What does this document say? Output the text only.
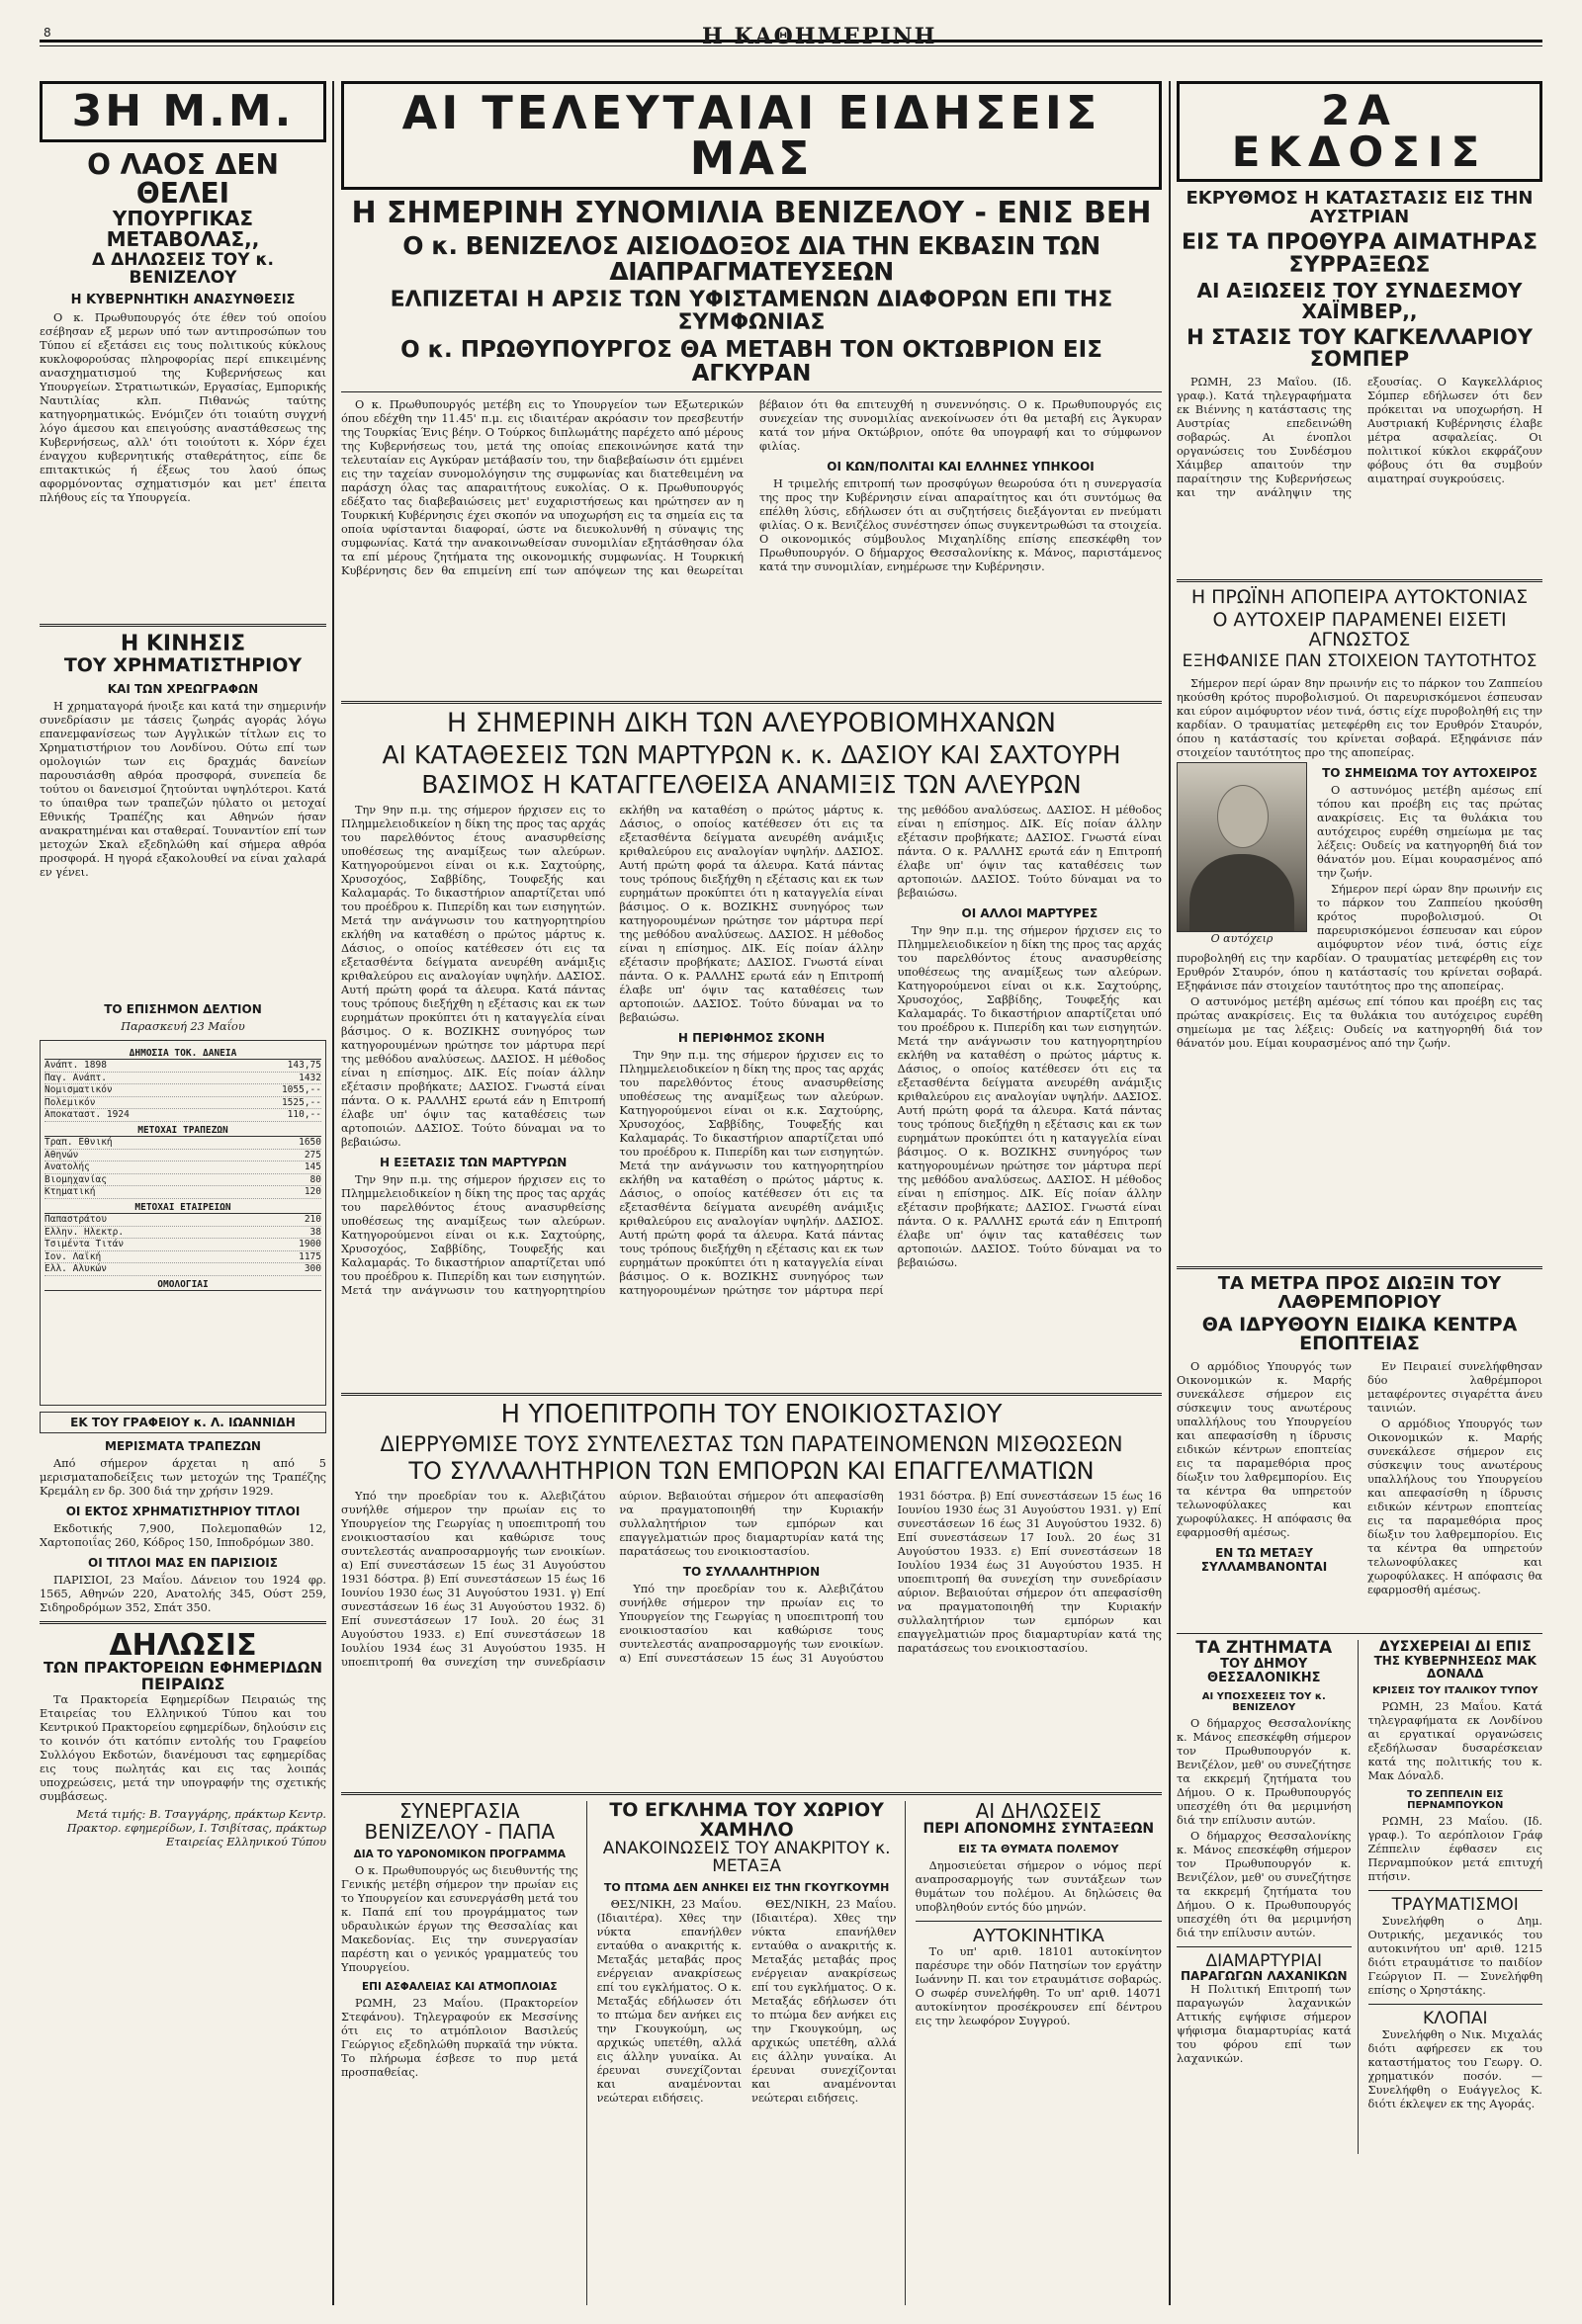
8	Η ΚΑΘΗΜΕΡΙΝΗ
3Η Μ.Μ.
Ο ΛΑΟΣ ΔΕΝ ΘΕΛΕΙ
ΥΠΟΥΡΓΙΚΑΣ ΜΕΤΑΒΟΛΑΣ,,
Δ ΔΗΛΩΣΕΙΣ ΤΟΥ κ. ΒΕΝΙΖΕΛΟΥ
Η ΚΥΒΕΡΝΗΤΙΚΗ ΑΝΑΣΥΝΘΕΣΙΣ

Ο κ. Πρωθυπουργός ότε έθεν τού οποίου εσέβησαν εξ μερων υπό των αντιπροσώπων του Τύπου εί εξετάσει εις τους πολιτικούς κύκλους κυκλοφορούσας πληροφορίας περί επικειμένης ανασχηματισμού της Κυβερνήσεως και Υπουργείων. Στρατιωτικών, Εργασίας, Εμπορικής Ναυτιλίας κλπ. Πιθανώς ταύτης κατηγορηματικώς. Ενόμιζεν ότι τοιαύτη συγχνή λόγο άμεσου και επειγούσης αναστάθεσεως της Κυβερνήσεως, αλλ' ότι τοιούτοτι κ. Χόρν έχει έναγχου κυβερνητικής σταθεράτητος, είπε δε επιτακτικώς ή έξεως του λαού όπως αφορμόνοντας σχηματισμόν και μετ' έπειτα πλήθους είς τα Υπουργεία.

Η ΚΙΝΗΣΙΣ
ΤΟΥ ΧΡΗΜΑΤΙΣΤΗΡΙΟΥ
ΚΑΙ ΤΩΝ ΧΡΕΩΓΡΑΦΩΝ

Η χρηματαγορά ήνοιξε και κατά την σημερινήν συνεδρίασιν με τάσεις ζωηράς αγοράς λόγω επανεμφανίσεως των Αγγλικών τίτλων εις το Χρηματιστήριον του Λονδίνου. Ούτω επί των ομολογιών των εις δραχμάς δανείων παρουσιάσθη αθρόα προσφορά, συνεπεία δε τούτου οι δανεισμοί ζητούνται υψηλότεροι. Κατά το ύπαιθρα των τραπεζών ηύλατο οι μετοχαί Εθνικής Τραπέζης και Αθηνών ήσαν ανακρατημέναι και σταθεραί. Τουναντίον επί των μετοχών Σκαλ εξεδηλώθη καί σήμερα αθρόα προσφορά. Η ηγορά εξακολουθεί να είναι χαλαρά εν γένει.

ΤΟ ΕΠΙΣΗΜΟΝ ΔΕΛΤΙΟΝ
Παρασκευή 23 Μαΐου
ΔΗΜΟΣΙΑ ΤΟΚ. ΔΑΝΕΙΑ
Ανάπτ. 1898	143,75
Παγ. Ανάπτ.	1432
Νομισματικόν	1055,--
Πολεμικόν	1525,--
Αποκαταστ. 1924	110,--
ΜΕΤΟΧΑΙ ΤΡΑΠΕΖΩΝ
Τραπ. Εθνική	1650
Αθηνών	275
Ανατολής	145
Βιομηχανίας	80
Κτηματική	120
ΜΕΤΟΧΑΙ ΕΤΑΙΡΕΙΩΝ
Παπαστράτου	210
Ελλην. Ηλεκτρ.	38
Τσιμέντα Τιτάν	1900
Ιον. Λαϊκή	1175
Ελλ. Αλυκών	300
ΟΜΟΛΟΓΙΑΙ
ΕΚ ΤΟΥ ΓΡΑΦΕΙΟΥ κ. Λ. ΙΩΑΝΝΙΔΗ
ΜΕΡΙΣΜΑΤΑ ΤΡΑΠΕΖΩΝ

Από σήμερον άρχεται η από 5 μερισματαποδείξεις των μετοχών της Τραπέζης Κρεμάλη εν δρ. 300 διά την χρήσιν 1929.

ΟΙ ΕΚΤΟΣ ΧΡΗΜΑΤΙΣΤΗΡΙΟΥ ΤΙΤΛΟΙ

Εκδοτικής 7,900, Πολεμοπαθών 12, Χαρτοποιΐας 260, Κόδρος 150, Ιπποδρόμων 380.

ΟΙ ΤΙΤΛΟΙ ΜΑΣ ΕΝ ΠΑΡΙΣΙΟΙΣ

ΠΑΡΙΣΙΟΙ, 23 Μαΐου. Δάνειον του 1924 φρ. 1565, Αθηνών 220, Ανατολής 345, Ούστ 259, Σιδηροδρόμων 352, Σπάτ 350.

ΔΗΛΩΣΙΣ
ΤΩΝ ΠΡΑΚΤΟΡΕΙΩΝ ΕΦΗΜΕΡΙΔΩΝ
ΠΕΙΡΑΙΩΣ

Τα Πρακτορεία Εφημερίδων Πειραιώς της Εταιρείας του Ελληνικού Τύπου και του Κεντρικού Πρακτορείου εφημερίδων, δηλούσιν εις το κοινόν ότι κατόπιν εντολής του Γραφείου Συλλόγου Εκδοτών, διανέμουσι τας εφημερίδας εις τους πωλητάς και εις τας λοιπάς υποχρεώσεις, μετά την υπογραφήν της σχετικής συμβάσεως.

Μετά τιμής: Β. Τσαγγάρης, πράκτωρ Κεντρ. Πρακτορ. εφημερίδων, Ι. Τσιβίτσας, πράκτωρ Εταιρείας Ελληνικού Τύπου
ΑΙ ΤΕΛΕΥΤΑΙΑΙ ΕΙΔΗΣΕΙΣ ΜΑΣ
Η ΣΗΜΕΡΙΝΗ ΣΥΝΟΜΙΛΙΑ ΒΕΝΙΖΕΛΟΥ - ΕΝΙΣ ΒΕΗ
Ο κ. ΒΕΝΙΖΕΛΟΣ ΑΙΣΙΟΔΟΞΟΣ ΔΙΑ ΤΗΝ ΕΚΒΑΣΙΝ ΤΩΝ ΔΙΑΠΡΑΓΜΑΤΕΥΣΕΩΝ
ΕΛΠΙΖΕΤΑΙ Η ΑΡΣΙΣ ΤΩΝ ΥΦΙΣΤΑΜΕΝΩΝ ΔΙΑΦΟΡΩΝ ΕΠΙ ΤΗΣ ΣΥΜΦΩΝΙΑΣ
Ο κ. ΠΡΩΘΥΠΟΥΡΓΟΣ ΘΑ ΜΕΤΑΒΗ ΤΟΝ ΟΚΤΩΒΡΙΟΝ ΕΙΣ ΑΓΚΥΡΑΝ

Ο κ. Πρωθυπουργός μετέβη εις το Υπουργείον των Εξωτερικών όπου εδέχθη την 11.45' π.μ. εις ιδιαιτέραν ακρόασιν τον πρεσβευτήν της Τουρκίας Ένις βέην. Ο Τούρκος διπλωμάτης παρέχετο από μέρους της Κυβερνήσεως του, μετά της οποίας επεκοινώνησε κατά την τελευταίαν εις Αγκύραν μετάβασίν του, την διαβεβαίωσιν ότι εμμένει εις την ταχείαν συνομολόγησιν της συμφωνίας και διατεθειμένη να παράσχη όλας τας απαραιτήτους ευκολίας. Ο κ. Πρωθυπουργός εδέξατο τας διαβεβαιώσεις μετ' ευχαριστήσεως και ηρώτησεν αν η Τουρκική Κυβέρνησις έχει σκοπόν να υποχωρήση εις τα σημεία εις τα οποία υφίστανται διαφοραί, ώστε να διευκολυνθή η σύναψις της συμφωνίας. Κατά την ανακοινωθείσαν συνομιλίαν εξητάσθησαν όλα τα επί μέρους ζητήματα της οικονομικής συμφωνίας. Η Τουρκική Κυβέρνησις δεν θα επιμείνη επί των απόψεων της και θεωρείται βέβαιον ότι θα επιτευχθή η συνεννόησις. Ο κ. Πρωθυπουργός εις συνεχείαν της συνομιλίας ανεκοίνωσεν ότι θα μεταβή εις Άγκυραν κατά τον μήνα Οκτώβριον, οπότε θα υπογραφή και το σύμφωνον φιλίας.

ΟΙ ΚΩΝ/ΠΟΛΙΤΑΙ ΚΑΙ ΕΛΛΗΝΕΣ ΥΠΗΚΟΟΙ

Η τριμελής επιτροπή των προσφύγων θεωρούσα ότι η συνεργασία της προς την Κυβέρνησιν είναι απαραίτητος και ότι συντόμως θα επέλθη λύσις, εδήλωσεν ότι αι συζητήσεις διεξάγονται εν πνεύματι φιλίας. Ο κ. Βενιζέλος συνέστησεν όπως συγκεντρωθώσι τα στοιχεία. Ο οικονομικός σύμβουλος Μιχαηλίδης επίσης επεσκέφθη τον Πρωθυπουργόν. Ο δήμαρχος Θεσσαλονίκης κ. Μάνος, παριστάμενος κατά την συνομιλίαν, ενημέρωσε την Κυβέρνησιν.

Η ΣΗΜΕΡΙΝΗ ΔΙΚΗ ΤΩΝ ΑΛΕΥΡΟΒΙΟΜΗΧΑΝΩΝ
ΑΙ ΚΑΤΑΘΕΣΕΙΣ ΤΩΝ ΜΑΡΤΥΡΩΝ κ. κ. ΔΑΣΙΟΥ ΚΑΙ ΣΑΧΤΟΥΡΗ
ΒΑΣΙΜΟΣ Η ΚΑΤΑΓΓΕΛΘΕΙΣΑ ΑΝΑΜΙΞΙΣ ΤΩΝ ΑΛΕΥΡΩΝ

Την 9ην π.μ. της σήμερον ήρχισεν εις το Πλημμελειοδικείον η δίκη της προς τας αρχάς του παρελθόντος έτους ανασυρθείσης υποθέσεως της αναμίξεως των αλεύρων. Κατηγορούμενοι είναι οι κ.κ. Σαχτούρης, Χρυσοχόος, Σαββίδης, Τουφεξής και Καλαμαράς. Το δικαστήριον απαρτίζεται υπό του προέδρου κ. Πιπερίδη και των εισηγητών. Μετά την ανάγνωσιν του κατηγορητηρίου εκλήθη να καταθέση ο πρώτος μάρτυς κ. Δάσιος, ο οποίος κατέθεσεν ότι εις τα εξετασθέντα δείγματα ανευρέθη ανάμιξις κριθαλεύρου εις αναλογίαν υψηλήν. ΔΑΣΙΟΣ. Αυτή πρώτη φορά τα άλευρα. Κατά πάντας τους τρόπους διεξήχθη η εξέτασις και εκ των ευρημάτων προκύπτει ότι η καταγγελία είναι βάσιμος. Ο κ. ΒΟΖΙΚΗΣ συνηγόρος των κατηγορουμένων ηρώτησε τον μάρτυρα περί της μεθόδου αναλύσεως. ΔΑΣΙΟΣ. Η μέθοδος είναι η επίσημος. ΔΙΚ. Είς ποίαν άλλην εξέτασιν προβήκατε; ΔΑΣΙΟΣ. Γνωστά είναι πάντα. Ο κ. ΡΑΛΛΗΣ ερωτά εάν η Επιτροπή έλαβε υπ' όψιν τας καταθέσεις των αρτοποιών. ΔΑΣΙΟΣ. Τούτο δύναμαι να το βεβαιώσω.

Η ΕΞΕΤΑΣΙΣ ΤΩΝ ΜΑΡΤΥΡΩΝ

Την 9ην π.μ. της σήμερον ήρχισεν εις το Πλημμελειοδικείον η δίκη της προς τας αρχάς του παρελθόντος έτους ανασυρθείσης υποθέσεως της αναμίξεως των αλεύρων. Κατηγορούμενοι είναι οι κ.κ. Σαχτούρης, Χρυσοχόος, Σαββίδης, Τουφεξής και Καλαμαράς. Το δικαστήριον απαρτίζεται υπό του προέδρου κ. Πιπερίδη και των εισηγητών. Μετά την ανάγνωσιν του κατηγορητηρίου εκλήθη να καταθέση ο πρώτος μάρτυς κ. Δάσιος, ο οποίος κατέθεσεν ότι εις τα εξετασθέντα δείγματα ανευρέθη ανάμιξις κριθαλεύρου εις αναλογίαν υψηλήν. ΔΑΣΙΟΣ. Αυτή πρώτη φορά τα άλευρα. Κατά πάντας τους τρόπους διεξήχθη η εξέτασις και εκ των ευρημάτων προκύπτει ότι η καταγγελία είναι βάσιμος. Ο κ. ΒΟΖΙΚΗΣ συνηγόρος των κατηγορουμένων ηρώτησε τον μάρτυρα περί της μεθόδου αναλύσεως. ΔΑΣΙΟΣ. Η μέθοδος είναι η επίσημος. ΔΙΚ. Είς ποίαν άλλην εξέτασιν προβήκατε; ΔΑΣΙΟΣ. Γνωστά είναι πάντα. Ο κ. ΡΑΛΛΗΣ ερωτά εάν η Επιτροπή έλαβε υπ' όψιν τας καταθέσεις των αρτοποιών. ΔΑΣΙΟΣ. Τούτο δύναμαι να το βεβαιώσω.

Η ΠΕΡΙΦΗΜΟΣ ΣΚΟΝΗ

Την 9ην π.μ. της σήμερον ήρχισεν εις το Πλημμελειοδικείον η δίκη της προς τας αρχάς του παρελθόντος έτους ανασυρθείσης υποθέσεως της αναμίξεως των αλεύρων. Κατηγορούμενοι είναι οι κ.κ. Σαχτούρης, Χρυσοχόος, Σαββίδης, Τουφεξής και Καλαμαράς. Το δικαστήριον απαρτίζεται υπό του προέδρου κ. Πιπερίδη και των εισηγητών. Μετά την ανάγνωσιν του κατηγορητηρίου εκλήθη να καταθέση ο πρώτος μάρτυς κ. Δάσιος, ο οποίος κατέθεσεν ότι εις τα εξετασθέντα δείγματα ανευρέθη ανάμιξις κριθαλεύρου εις αναλογίαν υψηλήν. ΔΑΣΙΟΣ. Αυτή πρώτη φορά τα άλευρα. Κατά πάντας τους τρόπους διεξήχθη η εξέτασις και εκ των ευρημάτων προκύπτει ότι η καταγγελία είναι βάσιμος. Ο κ. ΒΟΖΙΚΗΣ συνηγόρος των κατηγορουμένων ηρώτησε τον μάρτυρα περί της μεθόδου αναλύσεως. ΔΑΣΙΟΣ. Η μέθοδος είναι η επίσημος. ΔΙΚ. Είς ποίαν άλλην εξέτασιν προβήκατε; ΔΑΣΙΟΣ. Γνωστά είναι πάντα. Ο κ. ΡΑΛΛΗΣ ερωτά εάν η Επιτροπή έλαβε υπ' όψιν τας καταθέσεις των αρτοποιών. ΔΑΣΙΟΣ. Τούτο δύναμαι να το βεβαιώσω.

ΟΙ ΑΛΛΟΙ ΜΑΡΤΥΡΕΣ

Την 9ην π.μ. της σήμερον ήρχισεν εις το Πλημμελειοδικείον η δίκη της προς τας αρχάς του παρελθόντος έτους ανασυρθείσης υποθέσεως της αναμίξεως των αλεύρων. Κατηγορούμενοι είναι οι κ.κ. Σαχτούρης, Χρυσοχόος, Σαββίδης, Τουφεξής και Καλαμαράς. Το δικαστήριον απαρτίζεται υπό του προέδρου κ. Πιπερίδη και των εισηγητών. Μετά την ανάγνωσιν του κατηγορητηρίου εκλήθη να καταθέση ο πρώτος μάρτυς κ. Δάσιος, ο οποίος κατέθεσεν ότι εις τα εξετασθέντα δείγματα ανευρέθη ανάμιξις κριθαλεύρου εις αναλογίαν υψηλήν. ΔΑΣΙΟΣ. Αυτή πρώτη φορά τα άλευρα. Κατά πάντας τους τρόπους διεξήχθη η εξέτασις και εκ των ευρημάτων προκύπτει ότι η καταγγελία είναι βάσιμος. Ο κ. ΒΟΖΙΚΗΣ συνηγόρος των κατηγορουμένων ηρώτησε τον μάρτυρα περί της μεθόδου αναλύσεως. ΔΑΣΙΟΣ. Η μέθοδος είναι η επίσημος. ΔΙΚ. Είς ποίαν άλλην εξέτασιν προβήκατε; ΔΑΣΙΟΣ. Γνωστά είναι πάντα. Ο κ. ΡΑΛΛΗΣ ερωτά εάν η Επιτροπή έλαβε υπ' όψιν τας καταθέσεις των αρτοποιών. ΔΑΣΙΟΣ. Τούτο δύναμαι να το βεβαιώσω.

Η ΥΠΟΕΠΙΤΡΟΠΗ ΤΟΥ ΕΝΟΙΚΙΟΣΤΑΣΙΟΥ
ΔΙΕΡΡΥΘΜΙΣΕ ΤΟΥΣ ΣΥΝΤΕΛΕΣΤΑΣ ΤΩΝ ΠΑΡΑΤΕΙΝΟΜΕΝΩΝ ΜΙΣΘΩΣΕΩΝ
ΤΟ ΣΥΛΛΑΛΗΤΗΡΙΟΝ ΤΩΝ ΕΜΠΟΡΩΝ ΚΑΙ ΕΠΑΓΓΕΛΜΑΤΙΩΝ

Υπό την προεδρίαν του κ. Αλεβιζάτου συνήλθε σήμερον την πρωίαν εις το Υπουργείον της Γεωργίας η υποεπιτροπή του ενοικιοστασίου και καθώρισε τους συντελεστάς αναπροσαρμογής των ενοικίων. α) Επί συνεστάσεων 15 έως 31 Αυγούστου 1931 δόστρα. β) Επί συνεστάσεων 15 έως 16 Ιουνίου 1930 έως 31 Αυγούστου 1931. γ) Επί συνεστάσεων 16 έως 31 Αυγούστου 1932. δ) Επί συνεστάσεων 17 Ιουλ. 20 έως 31 Αυγούστου 1933. ε) Επί συνεστάσεων 18 Ιουλίου 1934 έως 31 Αυγούστου 1935. Η υποεπιτροπή θα συνεχίση την συνεδρίασιν αύριον. Βεβαιούται σήμερον ότι απεφασίσθη να πραγματοποιηθή την Κυριακήν συλλαλητήριον των εμπόρων και επαγγελματιών προς διαμαρτυρίαν κατά της παρατάσεως του ενοικιοστασίου.

ΤΟ ΣΥΛΛΑΛΗΤΗΡΙΟΝ

Υπό την προεδρίαν του κ. Αλεβιζάτου συνήλθε σήμερον την πρωίαν εις το Υπουργείον της Γεωργίας η υποεπιτροπή του ενοικιοστασίου και καθώρισε τους συντελεστάς αναπροσαρμογής των ενοικίων. α) Επί συνεστάσεων 15 έως 31 Αυγούστου 1931 δόστρα. β) Επί συνεστάσεων 15 έως 16 Ιουνίου 1930 έως 31 Αυγούστου 1931. γ) Επί συνεστάσεων 16 έως 31 Αυγούστου 1932. δ) Επί συνεστάσεων 17 Ιουλ. 20 έως 31 Αυγούστου 1933. ε) Επί συνεστάσεων 18 Ιουλίου 1934 έως 31 Αυγούστου 1935. Η υποεπιτροπή θα συνεχίση την συνεδρίασιν αύριον. Βεβαιούται σήμερον ότι απεφασίσθη να πραγματοποιηθή την Κυριακήν συλλαλητήριον των εμπόρων και επαγγελματιών προς διαμαρτυρίαν κατά της παρατάσεως του ενοικιοστασίου.

ΣΥΝΕΡΓΑΣΙΑ
ΒΕΝΙΖΕΛΟΥ - ΠΑΠΑ
ΔΙΑ ΤΟ ΥΔΡΟΝΟΜΙΚΟΝ ΠΡΟΓΡΑΜΜΑ

Ο κ. Πρωθυπουργός ως διευθυντής της Γενικής μετέβη σήμερον την πρωίαν εις το Υπουργείον και εσυνεργάσθη μετά του κ. Παπά επί του προγράμματος των υδραυλικών έργων της Θεσσαλίας και Μακεδονίας. Εις την συνεργασίαν παρέστη και ο γενικός γραμματεύς του Υπουργείου.

ΕΠΙ ΑΣΦΑΛΕΙΑΣ ΚΑΙ ΑΤΜΟΠΛΟΙΑΣ

ΡΩΜΗ, 23 Μαΐου. (Πρακτορείον Στεφάνου). Τηλεγραφούν εκ Μεσσίνης ότι εις το ατμόπλοιον Βασιλεύς Γεώργιος εξεδηλώθη πυρκαϊά την νύκτα. Το πλήρωμα έσβεσε το πυρ μετά προσπαθείας.

ΤΟ ΕΓΚΛΗΜΑ ΤΟΥ ΧΩΡΙΟΥ ΧΑΜΗΛΟ
ΑΝΑΚΟΙΝΩΣΕΙΣ ΤΟΥ ΑΝΑΚΡΙΤΟΥ κ. ΜΕΤΑΞΑ
ΤΟ ΠΤΩΜΑ ΔΕΝ ΑΝΗΚΕΙ ΕΙΣ ΤΗΝ ΓΚΟΥΓΚΟΥΜΗ

ΘΕΣ/ΝΙΚΗ, 23 Μαΐου. (Ιδιαιτέρα). Χθες την νύκτα επανήλθεν ενταύθα ο ανακριτής κ. Μεταξάς μεταβάς προς ενέργειαν ανακρίσεως επί του εγκλήματος. Ο κ. Μεταξάς εδήλωσεν ότι το πτώμα δεν ανήκει εις την Γκουγκούμη, ως αρχικώς υπετέθη, αλλά εις άλλην γυναίκα. Αι έρευναι συνεχίζονται και αναμένονται νεώτεραι ειδήσεις.

ΘΕΣ/ΝΙΚΗ, 23 Μαΐου. (Ιδιαιτέρα). Χθες την νύκτα επανήλθεν ενταύθα ο ανακριτής κ. Μεταξάς μεταβάς προς ενέργειαν ανακρίσεως επί του εγκλήματος. Ο κ. Μεταξάς εδήλωσεν ότι το πτώμα δεν ανήκει εις την Γκουγκούμη, ως αρχικώς υπετέθη, αλλά εις άλλην γυναίκα. Αι έρευναι συνεχίζονται και αναμένονται νεώτεραι ειδήσεις.

ΑΙ ΔΗΛΩΣΕΙΣ
ΠΕΡΙ ΑΠΟΝΟΜΗΣ ΣΥΝΤΑΞΕΩΝ
ΕΙΣ ΤΑ ΘΥΜΑΤΑ ΠΟΛΕΜΟΥ

Δημοσιεύεται σήμερον ο νόμος περί αναπροσαρμογής των συντάξεων των θυμάτων του πολέμου. Αι δηλώσεις θα υποβληθούν εντός δύο μηνών.

ΑΥΤΟΚΙΝΗΤΙΚΑ

Το υπ' αριθ. 18101 αυτοκίνητον παρέσυρε την οδόν Πατησίων τον εργάτην Ιωάννην Π. και τον ετραυμάτισε σοβαρώς. Ο σωφέρ συνελήφθη. Το υπ' αριθ. 14071 αυτοκίνητον προσέκρουσεν επί δέντρου εις την λεωφόρον Συγγρού.

2Α ΕΚΔΟΣΙΣ
ΕΚΡΥΘΜΟΣ Η ΚΑΤΑΣΤΑΣΙΣ ΕΙΣ ΤΗΝ ΑΥΣΤΡΙΑΝ
ΕΙΣ ΤΑ ΠΡΟΘΥΡΑ ΑΙΜΑΤΗΡΑΣ ΣΥΡΡΑΞΕΩΣ
ΑΙ ΑΞΙΩΣΕΙΣ ΤΟΥ ΣΥΝΔΕΣΜΟΥ ΧΑΪΜΒΕΡ,,
Η ΣΤΑΣΙΣ ΤΟΥ ΚΑΓΚΕΛΛΑΡΙΟΥ ΣΟΜΠΕΡ

ΡΩΜΗ, 23 Μαΐου. (Ιδ. γραφ.). Κατά τηλεγραφήματα εκ Βιέννης η κατάστασις της Αυστρίας επεδεινώθη σοβαρώς. Αι ένοπλοι οργανώσεις του Συνδέσμου Χάιμβερ απαιτούν την παραίτησιν της Κυβερνήσεως και την ανάληψιν της εξουσίας. Ο Καγκελλάριος Σόμπερ εδήλωσεν ότι δεν πρόκειται να υποχωρήση. Η Αυστριακή Κυβέρνησις έλαβε μέτρα ασφαλείας. Οι πολιτικοί κύκλοι εκφράζουν φόβους ότι θα συμβούν αιματηραί συγκρούσεις.

Η ΠΡΩΪΝΗ ΑΠΟΠΕΙΡΑ ΑΥΤΟΚΤΟΝΙΑΣ
Ο ΑΥΤΟΧΕΙΡ ΠΑΡΑΜΕΝΕΙ ΕΙΣΕΤΙ ΑΓΝΩΣΤΟΣ
ΕΞΗΦΑΝΙΣΕ ΠΑΝ ΣΤΟΙΧΕΙΟΝ ΤΑΥΤΟΤΗΤΟΣ

Σήμερον περί ώραν 8ην πρωινήν εις το πάρκον του Ζαππείου ηκούσθη κρότος πυροβολισμού. Οι παρευρισκόμενοι έσπευσαν και εύρον αιμόφυρτον νέον τινά, όστις είχε πυροβοληθή εις την καρδίαν. Ο τραυματίας μετεφέρθη εις τον Ερυθρόν Σταυρόν, όπου η κατάστασίς του κρίνεται σοβαρά. Εξηφάνισε πάν στοιχείον ταυτότητος προ της αποπείρας.

Ο αυτόχειρ
ΤΟ ΣΗΜΕΙΩΜΑ ΤΟΥ ΑΥΤΟΧΕΙΡΟΣ

Ο αστυνόμος μετέβη αμέσως επί τόπου και προέβη εις τας πρώτας ανακρίσεις. Εις τα θυλάκια του αυτόχειρος ευρέθη σημείωμα με τας λέξεις: Ουδείς να κατηγορηθή διά τον θάνατόν μου. Είμαι κουρασμένος από την ζωήν.

Σήμερον περί ώραν 8ην πρωινήν εις το πάρκον του Ζαππείου ηκούσθη κρότος πυροβολισμού. Οι παρευρισκόμενοι έσπευσαν και εύρον αιμόφυρτον νέον τινά, όστις είχε πυροβοληθή εις την καρδίαν. Ο τραυματίας μετεφέρθη εις τον Ερυθρόν Σταυρόν, όπου η κατάστασίς του κρίνεται σοβαρά. Εξηφάνισε πάν στοιχείον ταυτότητος προ της αποπείρας.

Ο αστυνόμος μετέβη αμέσως επί τόπου και προέβη εις τας πρώτας ανακρίσεις. Εις τα θυλάκια του αυτόχειρος ευρέθη σημείωμα με τας λέξεις: Ουδείς να κατηγορηθή διά τον θάνατόν μου. Είμαι κουρασμένος από την ζωήν.

ΤΑ ΜΕΤΡΑ ΠΡΟΣ ΔΙΩΞΙΝ ΤΟΥ ΛΑΘΡΕΜΠΟΡΙΟΥ
ΘΑ ΙΔΡΥΘΟΥΝ ΕΙΔΙΚΑ ΚΕΝΤΡΑ ΕΠΟΠΤΕΙΑΣ

Ο αρμόδιος Υπουργός των Οικονομικών κ. Μαρής συνεκάλεσε σήμερον εις σύσκεψιν τους ανωτέρους υπαλλήλους του Υπουργείου και απεφασίσθη η ίδρυσις ειδικών κέντρων εποπτείας εις τα παραμεθόρια προς δίωξιν του λαθρεμπορίου. Εις τα κέντρα θα υπηρετούν τελωνοφύλακες και χωροφύλακες. Η απόφασις θα εφαρμοσθή αμέσως.

ΕΝ ΤΩ ΜΕΤΑΞΥ ΣΥΛΛΑΜΒΑΝΟΝΤΑΙ

Εν Πειραιεί συνελήφθησαν δύο λαθρέμποροι μεταφέροντες σιγαρέττα άνευ ταινιών.

Ο αρμόδιος Υπουργός των Οικονομικών κ. Μαρής συνεκάλεσε σήμερον εις σύσκεψιν τους ανωτέρους υπαλλήλους του Υπουργείου και απεφασίσθη η ίδρυσις ειδικών κέντρων εποπτείας εις τα παραμεθόρια προς δίωξιν του λαθρεμπορίου. Εις τα κέντρα θα υπηρετούν τελωνοφύλακες και χωροφύλακες. Η απόφασις θα εφαρμοσθή αμέσως.

ΤΑ ΖΗΤΗΜΑΤΑ
ΤΟΥ ΔΗΜΟΥ ΘΕΣΣΑΛΟΝΙΚΗΣ
ΑΙ ΥΠΟΣΧΕΣΕΙΣ ΤΟΥ κ. ΒΕΝΙΖΕΛΟΥ

Ο δήμαρχος Θεσσαλονίκης κ. Μάνος επεσκέφθη σήμερον τον Πρωθυπουργόν κ. Βενιζέλον, μεθ' ου συνεζήτησε τα εκκρεμή ζητήματα του Δήμου. Ο κ. Πρωθυπουργός υπεσχέθη ότι θα μεριμνήση διά την επίλυσιν αυτών.

Ο δήμαρχος Θεσσαλονίκης κ. Μάνος επεσκέφθη σήμερον τον Πρωθυπουργόν κ. Βενιζέλον, μεθ' ου συνεζήτησε τα εκκρεμή ζητήματα του Δήμου. Ο κ. Πρωθυπουργός υπεσχέθη ότι θα μεριμνήση διά την επίλυσιν αυτών.

ΔΙΑΜΑΡΤΥΡΙΑΙ
ΠΑΡΑΓΩΓΩΝ ΛΑΧΑΝΙΚΩΝ

Η Πολιτική Επιτροπή των παραγωγών λαχανικών Αττικής εψήφισε σήμερον ψήφισμα διαμαρτυρίας κατά του φόρου επί των λαχανικών.

ΔΥΣΧΕΡΕΙΑΙ ΔΙ ΕΠΙΣ
ΤΗΣ ΚΥΒΕΡΝΗΣΕΩΣ ΜΑΚ ΔΟΝΑΛΔ
ΚΡΙΣΕΙΣ ΤΟΥ ΙΤΑΛΙΚΟΥ ΤΥΠΟΥ

ΡΩΜΗ, 23 Μαΐου. Κατά τηλεγραφήματα εκ Λονδίνου αι εργατικαί οργανώσεις εξεδήλωσαν δυσαρέσκειαν κατά της πολιτικής του κ. Μακ Δόναλδ.

ΤΟ ΖΕΠΠΕΛΙΝ ΕΙΣ ΠΕΡΝΑΜΠΟΥΚΟΝ

ΡΩΜΗ, 23 Μαΐου. (Ιδ. γραφ.). Το αερόπλοιον Γράφ Ζέππελιν έφθασεν εις Περναμπούκον μετά επιτυχή πτήσιν.

ΤΡΑΥΜΑΤΙΣΜΟΙ

Συνελήφθη ο Δημ. Ουτρικής, μεχανικός του αυτοκινήτου υπ' αριθ. 1215 διότι ετραυμάτισε το παιδίον Γεώργιον Π. — Συνελήφθη επίσης ο Χρηστάκης.

ΚΛΟΠΑΙ

Συνελήφθη ο Νικ. Μιχαλάς διότι αφήρεσεν εκ του καταστήματος του Γεωργ. Ο. χρηματικόν ποσόν. — Συνελήφθη ο Ευάγγελος Κ. διότι έκλεψεν εκ της Αγοράς.
